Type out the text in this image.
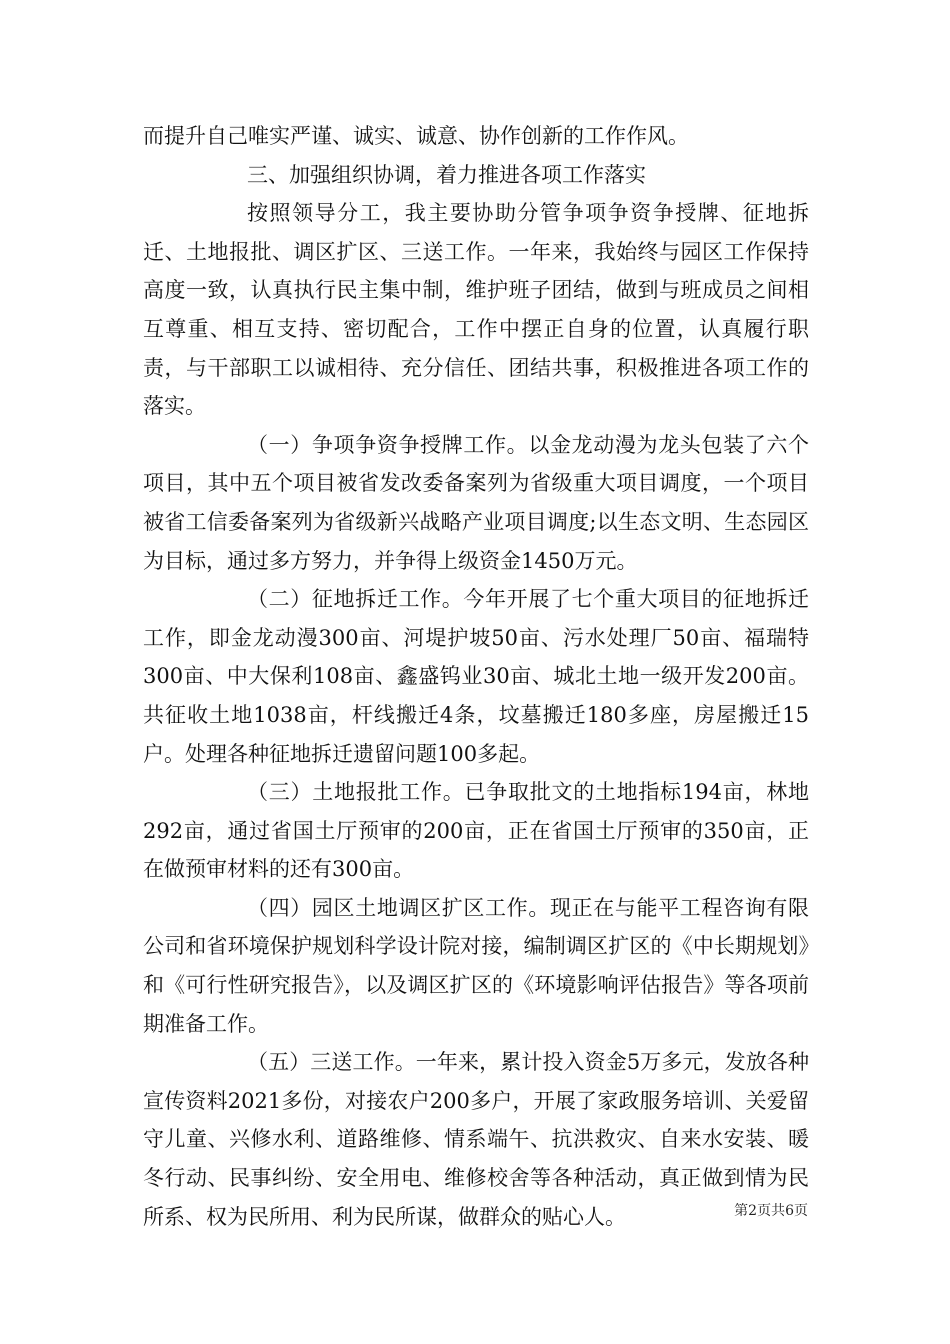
而提升自己唯实严谨、诚实、诚意、协作创新的工作作风。

三、加强组织协调，着力推进各项工作落实

按照领导分工，我主要协助分管争项争资争授牌、征地拆迁、土地报批、调区扩区、三送工作。一年来，我始终与园区工作保持高度一致，认真执行民主集中制，维护班子团结，做到与班成员之间相互尊重、相互支持、密切配合，工作中摆正自身的位置，认真履行职责，与干部职工以诚相待、充分信任、团结共事，积极推进各项工作的落实。

（一）争项争资争授牌工作。以金龙动漫为龙头包装了六个项目，其中五个项目被省发改委备案列为省级重大项目调度，一个项目被省工信委备案列为省级新兴战略产业项目调度;以生态文明、生态园区为目标，通过多方努力，并争得上级资金1450万元。

（二）征地拆迁工作。今年开展了七个重大项目的征地拆迁工作，即金龙动漫300亩、河堤护坡50亩、污水处理厂50亩、福瑞特300亩、中大保利108亩、鑫盛钨业30亩、城北土地一级开发200亩。共征收土地1038亩，杆线搬迁4条，坟墓搬迁180多座，房屋搬迁15户。处理各种征地拆迁遗留问题100多起。

（三）土地报批工作。已争取批文的土地指标194亩，林地292亩，通过省国土厅预审的200亩，正在省国土厅预审的350亩，正在做预审材料的还有300亩。

（四）园区土地调区扩区工作。现正在与能平工程咨询有限公司和省环境保护规划科学设计院对接，编制调区扩区的《中长期规划》和《可行性研究报告》，以及调区扩区的《环境影响评估报告》等各项前期准备工作。

（五）三送工作。一年来，累计投入资金5万多元，发放各种宣传资料2021多份，对接农户200多户，开展了家政服务培训、关爱留守儿童、兴修水利、道路维修、情系端午、抗洪救灾、自来水安装、暖冬行动、民事纠纷、安全用电、维修校舍等各种活动，真正做到情为民所系、权为民所用、利为民所谋，做群众的贴心人。	第2页共6页
